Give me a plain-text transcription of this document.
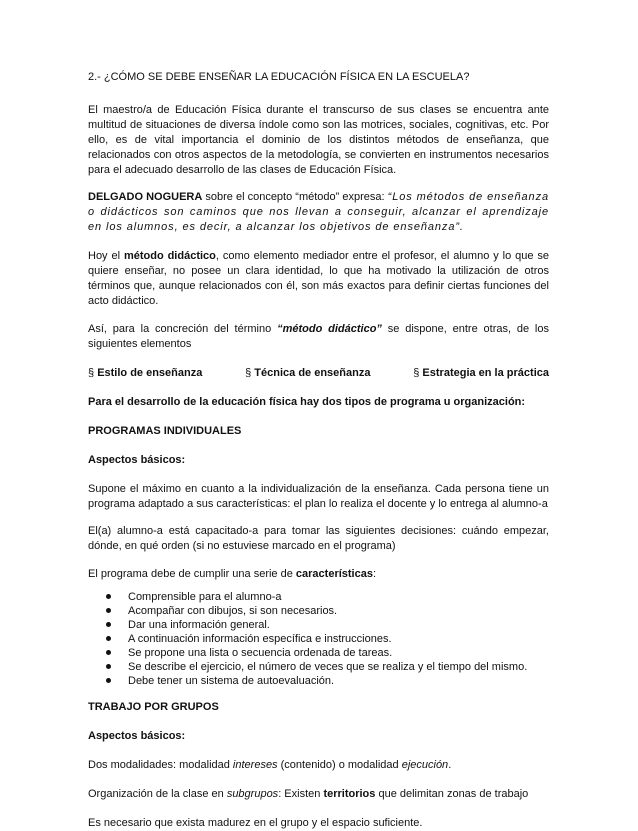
2.- ¿CÓMO SE DEBE ENSEÑAR LA EDUCACIÓN FÍSICA EN LA ESCUELA?

El maestro/a de Educación Física durante el transcurso de sus clases se encuentra ante multitud de situaciones de diversa índole como son las motrices, sociales, cognitivas, etc. Por ello, es de vital importancia el dominio de los distintos métodos de enseñanza, que relacionados con otros aspectos de la metodología, se convierten en instrumentos necesarios para el adecuado desarrollo de las clases de Educación Física.

DELGADO NOGUERA sobre el concepto “método” expresa: “Los métodos de enseñanza o didácticos son caminos que nos llevan a conseguir, alcanzar el aprendizaje en los alumnos, es decir, a alcanzar los objetivos de enseñanza”.

Hoy el método didáctico, como elemento mediador entre el profesor, el alumno y lo que se quiere enseñar, no posee un clara identidad, lo que ha motivado la utilización de otros términos que, aunque relacionados con él, son más exactos para definir ciertas funciones del acto didáctico.

Así, para la concreción del término “método didáctico” se dispone, entre otras, de los siguientes elementos

§ Estilo de enseñanza	§ Técnica de enseñanza	§ Estrategia en la práctica

Para el desarrollo de la educación física hay dos tipos de programa u organización:

PROGRAMAS INDIVIDUALES

Aspectos básicos:

Supone el máximo en cuanto a la individualización de la enseñanza. Cada persona tiene un programa adaptado a sus características: el plan lo realiza el docente y lo entrega al alumno-a

El(a) alumno-a está capacitado-a para tomar las siguientes decisiones: cuándo empezar, dónde, en qué orden (si no estuviese marcado en el programa)

El programa debe de cumplir una serie de características:

Comprensible para el alumno-a
Acompañar con dibujos, si son necesarios.
Dar una información general.
A continuación información específica e instrucciones.
Se propone una lista o secuencia ordenada de tareas.
Se describe el ejercicio, el número de veces que se realiza y el tiempo del mismo.
Debe tener un sistema de autoevaluación.

TRABAJO POR GRUPOS

Aspectos básicos:

Dos modalidades: modalidad intereses (contenido) o modalidad ejecución.

Organización de la clase en subgrupos: Existen territorios que delimitan zonas de trabajo

Es necesario que exista madurez en el grupo y el espacio suficiente.
